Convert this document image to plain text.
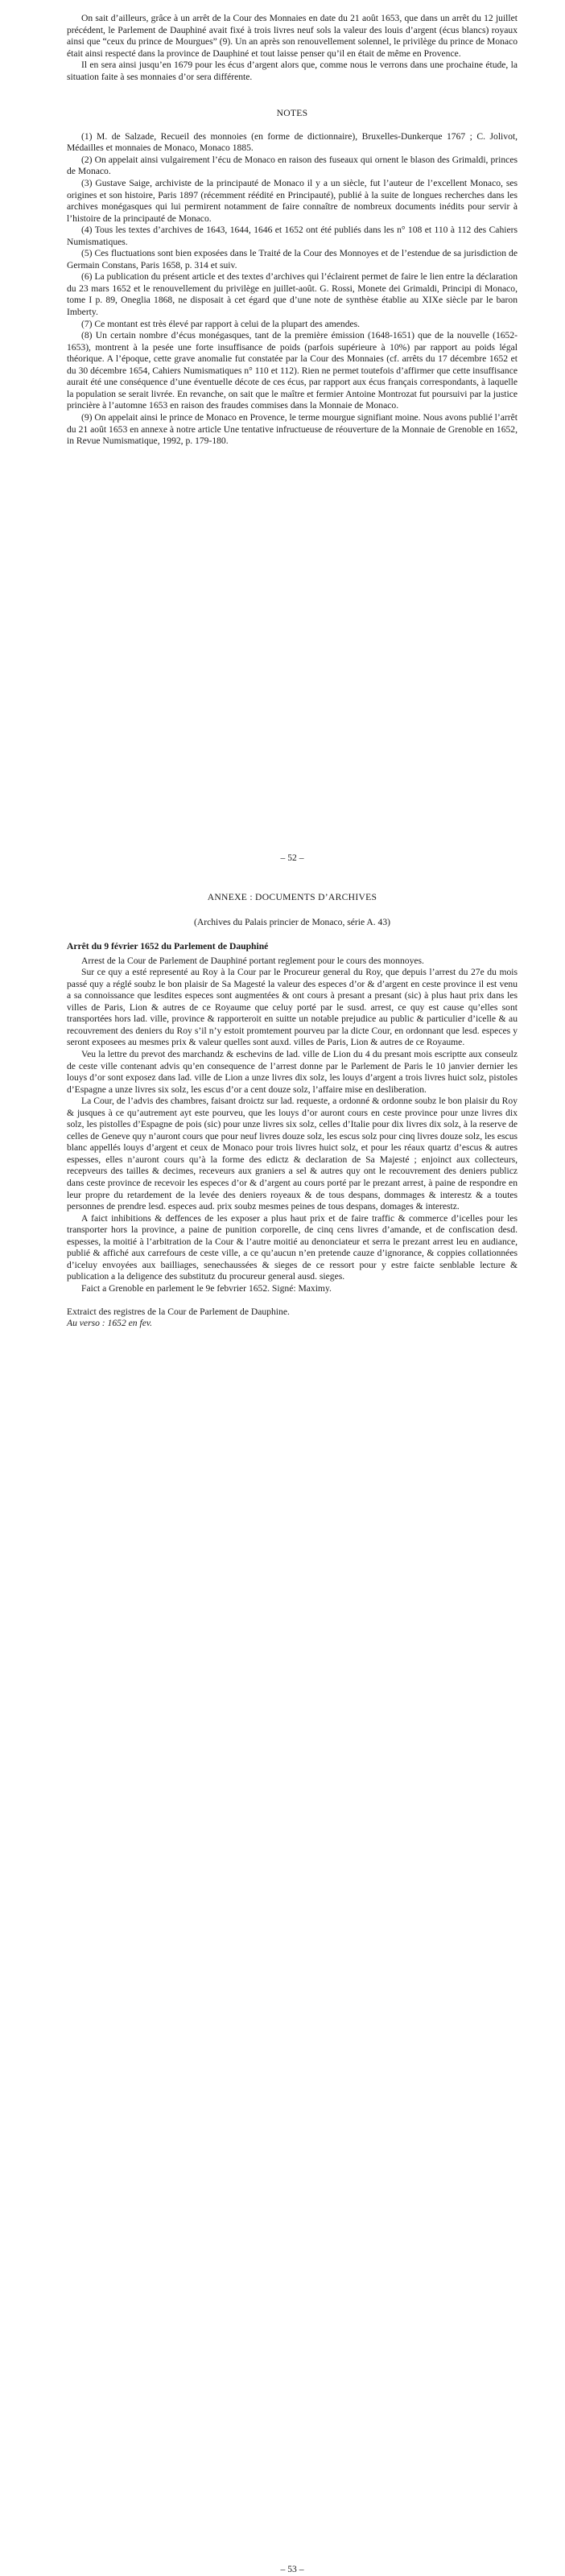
On sait d’ailleurs, grâce à un arrêt de la Cour des Monnaies en date du 21 août 1653, que dans un arrêt du 12 juillet précédent, le Parlement de Dauphiné avait fixé à trois livres neuf sols la valeur des louis d’argent (écus blancs) royaux ainsi que “ceux du prince de Mourgues” (9). Un an après son renouvellement solennel, le privilège du prince de Monaco était ainsi respecté dans la province de Dauphiné et tout laisse penser qu’il en était de même en Provence.

Il en sera ainsi jusqu’en 1679 pour les écus d’argent alors que, comme nous le verrons dans une prochaine étude, la situation faite à ses monnaies d’or sera différente.

NOTES

(1) M. de Salzade, Recueil des monnoies (en forme de dictionnaire), Bruxelles-Dunkerque 1767 ; C. Jolivot, Médailles et monnaies de Monaco, Monaco 1885.

(2) On appelait ainsi vulgairement l’écu de Monaco en raison des fuseaux qui ornent le blason des Grimaldi, princes de Monaco.

(3) Gustave Saige, archiviste de la principauté de Monaco il y a un siècle, fut l’auteur de l’excellent Monaco, ses origines et son histoire, Paris 1897 (récemment réédité en Principauté), publié à la suite de longues recherches dans les archives monégasques qui lui permirent notamment de faire connaître de nombreux documents inédits pour servir à l’histoire de la principauté de Monaco.

(4) Tous les textes d’archives de 1643, 1644, 1646 et 1652 ont été publiés dans les n° 108 et 110 à 112 des Cahiers Numismatiques.

(5) Ces fluctuations sont bien exposées dans le Traité de la Cour des Monnoyes et de l’estendue de sa jurisdiction de Germain Constans, Paris 1658, p. 314 et suiv.

(6) La publication du présent article et des textes d’archives qui l’éclairent permet de faire le lien entre la déclaration du 23 mars 1652 et le renouvellement du privilège en juillet-août. G. Rossi, Monete dei Grimaldi, Principi di Monaco, tome I p. 89, Oneglia 1868, ne disposait à cet égard que d’une note de synthèse établie au XIXe siècle par le baron Imberty.

(7) Ce montant est très élevé par rapport à celui de la plupart des amendes.

(8) Un certain nombre d’écus monégasques, tant de la première émission (1648-1651) que de la nouvelle (1652-1653), montrent à la pesée une forte insuffisance de poids (parfois supérieure à 10%) par rapport au poids légal théorique. A l’époque, cette grave anomalie fut constatée par la Cour des Monnaies (cf. arrêts du 17 décembre 1652 et du 30 décembre 1654, Cahiers Numismatiques n° 110 et 112). Rien ne permet toutefois d’affirmer que cette insuffisance aurait été une conséquence d’une éventuelle décote de ces écus, par rapport aux écus français correspondants, à laquelle la population se serait livrée. En revanche, on sait que le maître et fermier Antoine Montrozat fut poursuivi par la justice princière à l’automne 1653 en raison des fraudes commises dans la Monnaie de Monaco.

(9) On appelait ainsi le prince de Monaco en Provence, le terme mourgue signifiant moine. Nous avons publié l’arrêt du 21 août 1653 en annexe à notre article Une tentative infructueuse de réouverture de la Monnaie de Grenoble en 1652, in Revue Numismatique, 1992, p. 179-180.

– 52 –
ANNEXE : DOCUMENTS D’ARCHIVES
(Archives du Palais princier de Monaco, série A. 43)

Arrêt du 9 février 1652 du Parlement de Dauphiné

Arrest de la Cour de Parlement de Dauphiné portant reglement pour le cours des monnoyes.

Sur ce quy a esté representé au Roy à la Cour par le Procureur general du Roy, que depuis l’arrest du 27e du mois passé quy a réglé soubz le bon plaisir de Sa Magesté la valeur des especes d’or & d’argent en ceste province il est venu a sa connoissance que lesdites especes sont augmentées & ont cours à presant a presant (sic) à plus haut prix dans les villes de Paris, Lion & autres de ce Royaume que celuy porté par le susd. arrest, ce quy est cause qu’elles sont transportées hors lad. ville, province & rapporteroit en suitte un notable prejudice au public & particulier d’icelle & au recouvrement des deniers du Roy s’il n’y estoit promtement pourveu par la dicte Cour, en ordonnant que lesd. especes y seront exposees au mesmes prix & valeur quelles sont auxd. villes de Paris, Lion & autres de ce Royaume.

Veu la lettre du prevot des marchandz & eschevins de lad. ville de Lion du 4 du presant mois escriptte aux conseulz de ceste ville contenant advis qu’en consequence de l’arrest donne par le Parlement de Paris le 10 janvier dernier les louys d’or sont exposez dans lad. ville de Lion a unze livres dix solz, les louys d’argent a trois livres huict solz, pistoles d’Espagne a unze livres six solz, les escus d’or a cent douze solz, l’affaire mise en desliberation.

La Cour, de l’advis des chambres, faisant droictz sur lad. requeste, a ordonné & ordonne soubz le bon plaisir du Roy & jusques à ce qu’autrement ayt este pourveu, que les louys d’or auront cours en ceste province pour unze livres dix solz, les pistolles d’Espagne de pois (sic) pour unze livres six solz, celles d’Italie pour dix livres dix solz, à la reserve de celles de Geneve quy n’auront cours que pour neuf livres douze solz, les escus solz pour cinq livres douze solz, les escus blanc appellés louys d’argent et ceux de Monaco pour trois livres huict solz, et pour les réaux quartz d’escus & autres espesses, elles n’auront cours qu’à la forme des edictz & declaration de Sa Majesté ; enjoinct aux collecteurs, recepveurs des tailles & decimes, receveurs aux graniers a sel & autres quy ont le recouvrement des deniers publicz dans ceste province de recevoir les especes d’or & d’argent au cours porté par le prezant arrest, à paine de respondre en leur propre du retardement de la levée des deniers royeaux & de tous despans, dommages & interestz & a toutes personnes de prendre lesd. especes aud. prix soubz mesmes peines de tous despans, domages & interestz.

A faict inhibitions & deffences de les exposer a plus haut prix et de faire traffic & commerce d’icelles pour les transporter hors la province, a paine de punition corporelle, de cinq cens livres d’amande, et de confiscation desd. espesses, la moitié à l’arbitration de la Cour & l’autre moitié au denonciateur et serra le prezant arrest leu en audiance, publié & affiché aux carrefours de ceste ville, a ce qu’aucun n’en pretende cauze d’ignorance, & coppies collationnées d’iceluy envoyées aux bailliages, senechaussées & sieges de ce ressort pour y estre faicte senblable lecture & publication a la deligence des substitutz du procureur general ausd. sieges.

Faict a Grenoble en parlement le 9e febvrier 1652. Signé: Maximy.

Extraict des registres de la Cour de Parlement de Dauphine.

Au verso : 1652 en fev.

– 53 –
